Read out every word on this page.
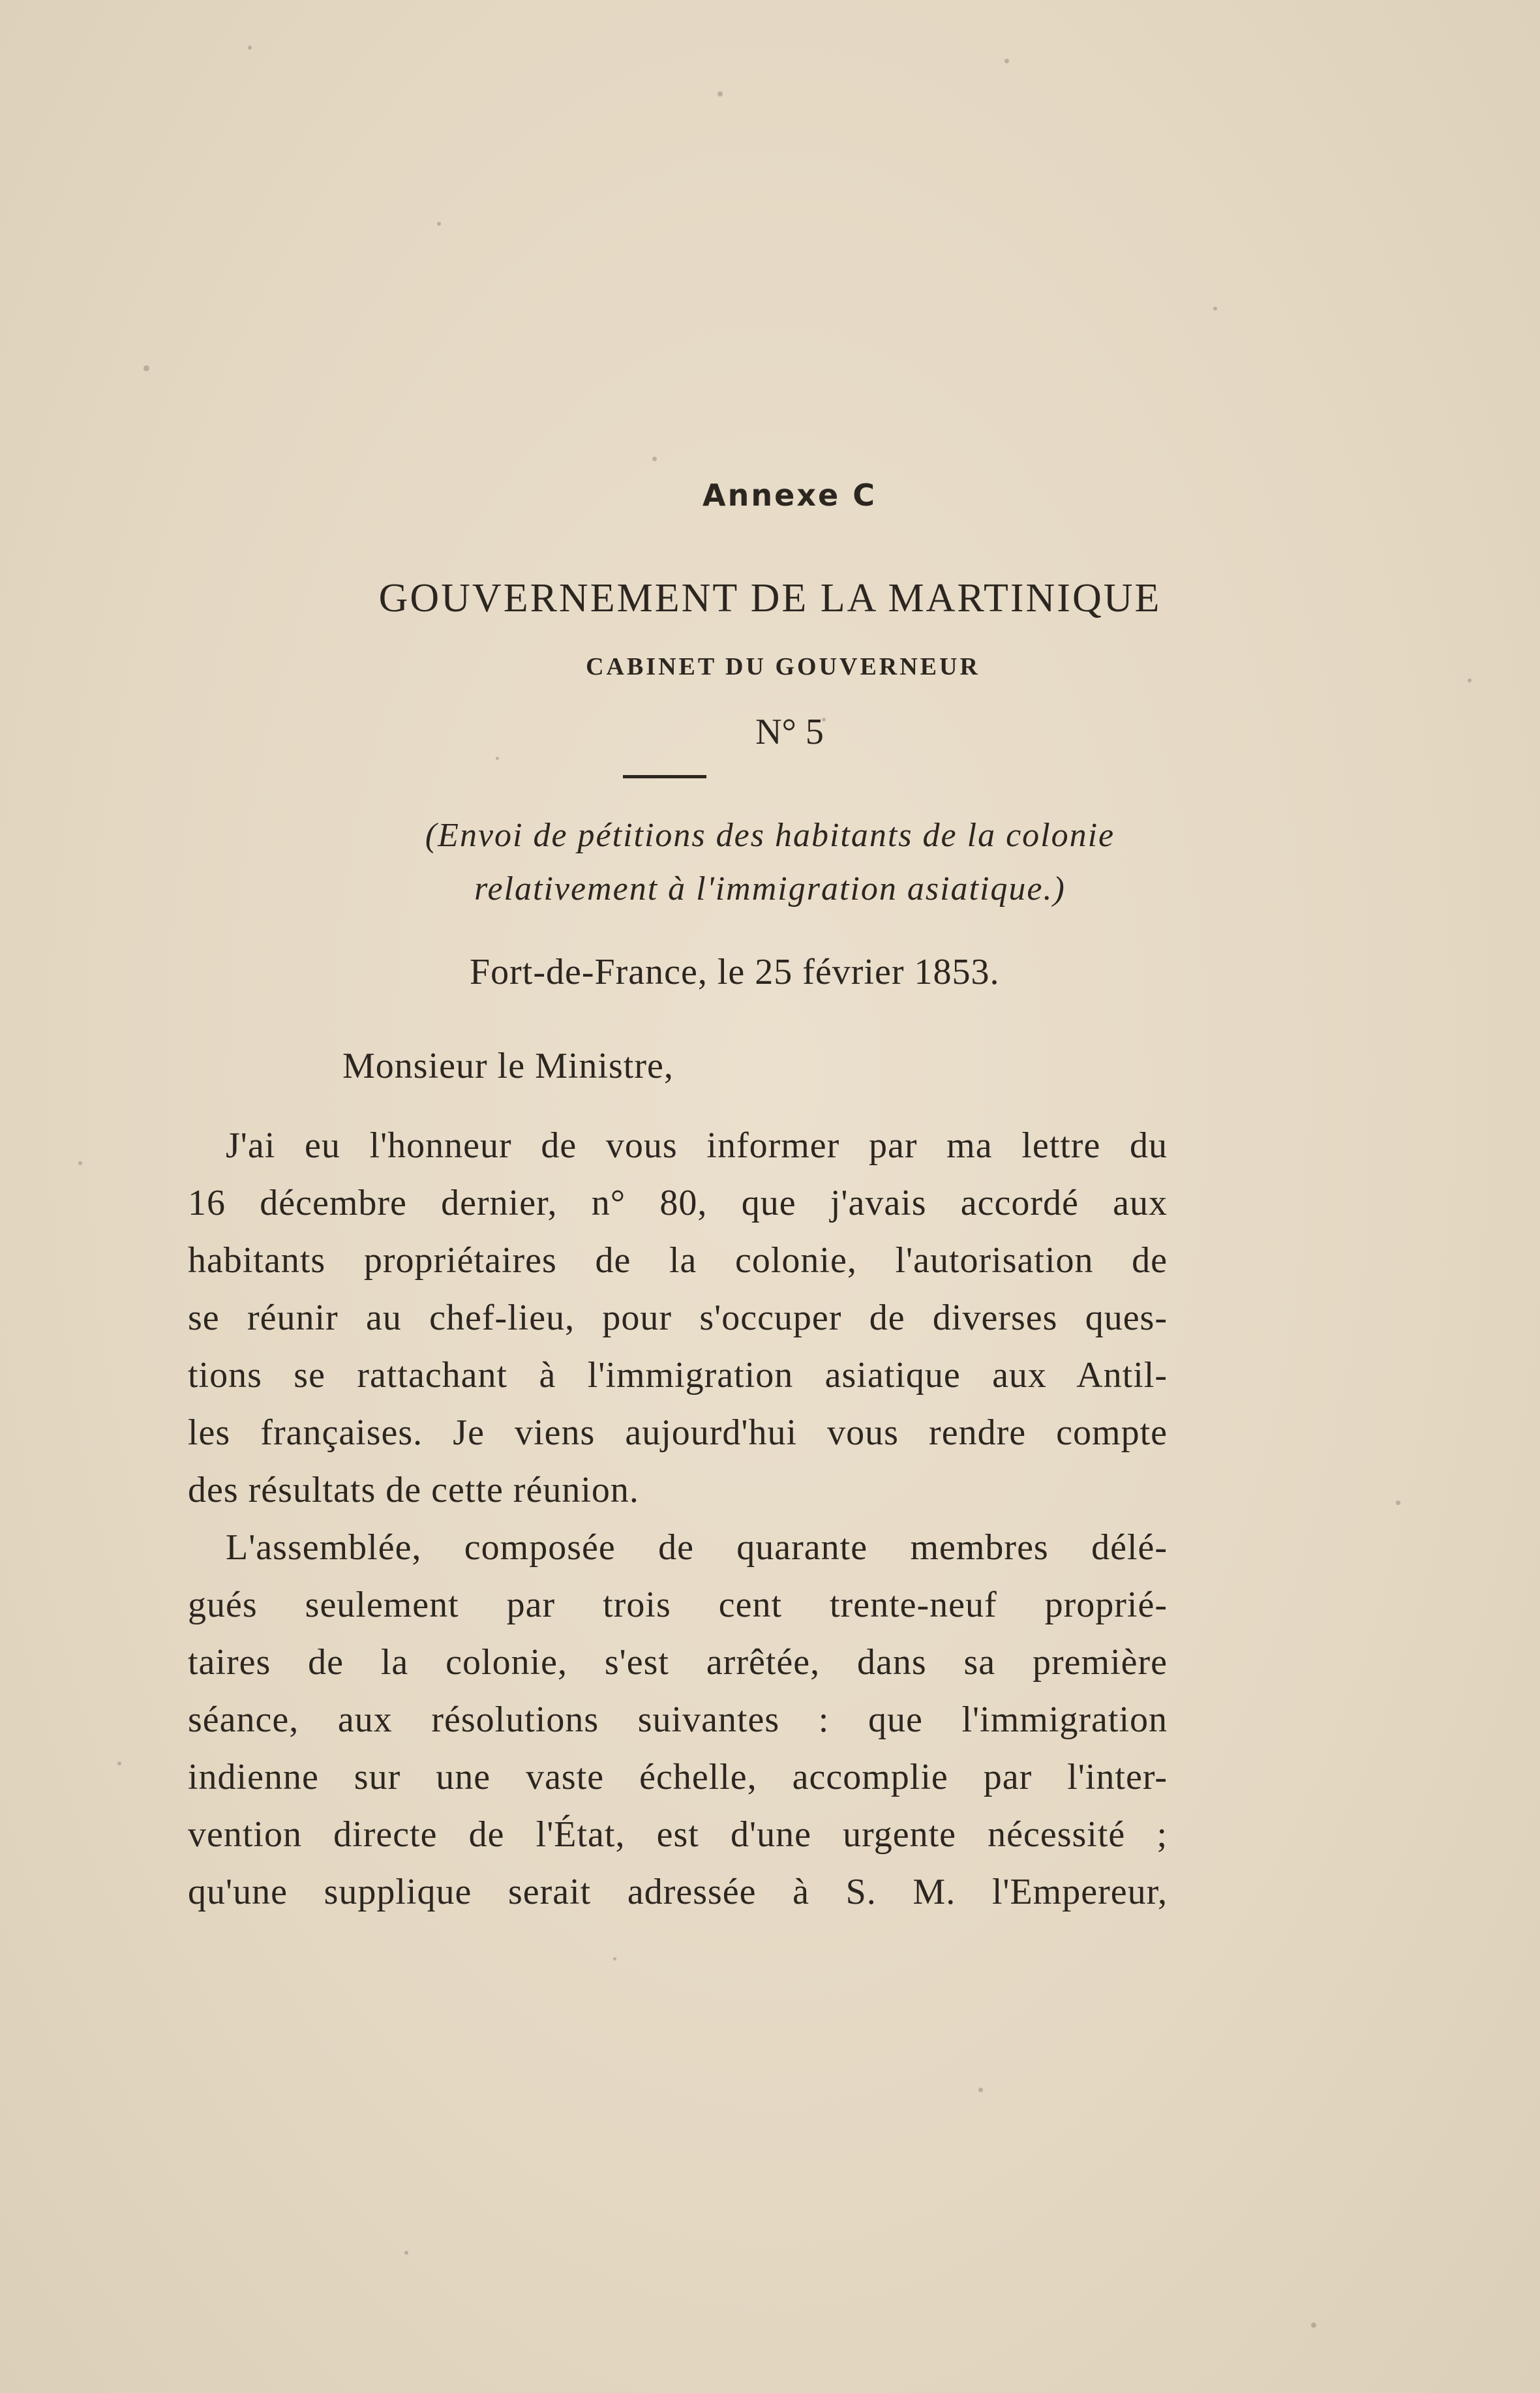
Annexe C
GOUVERNEMENT DE LA MARTINIQUE
CABINET DU GOUVERNEUR
N° 5
(Envoi de pétitions des habitants de la colonie
relativement à l'immigration asiatique.)
Fort-de-France, le 25 février 1853.
Monsieur le Ministre,
J'ai eu l'honneur de vous informer par ma lettre du
16 décembre dernier, n° 80, que j'avais accordé aux
habitants propriétaires de la colonie, l'autorisation de
se réunir au chef-lieu, pour s'occuper de diverses ques-
tions se rattachant à l'immigration asiatique aux Antil-
les françaises. Je viens aujourd'hui vous rendre compte
des résultats de cette réunion.
L'assemblée, composée de quarante membres délé-
gués seulement par trois cent trente-neuf proprié-
taires de la colonie, s'est arrêtée, dans sa première
séance, aux résolutions suivantes : que l'immigration
indienne sur une vaste échelle, accomplie par l'inter-
vention directe de l'État, est d'une urgente nécessité ;
qu'une supplique serait adressée à S. M. l'Empereur,
